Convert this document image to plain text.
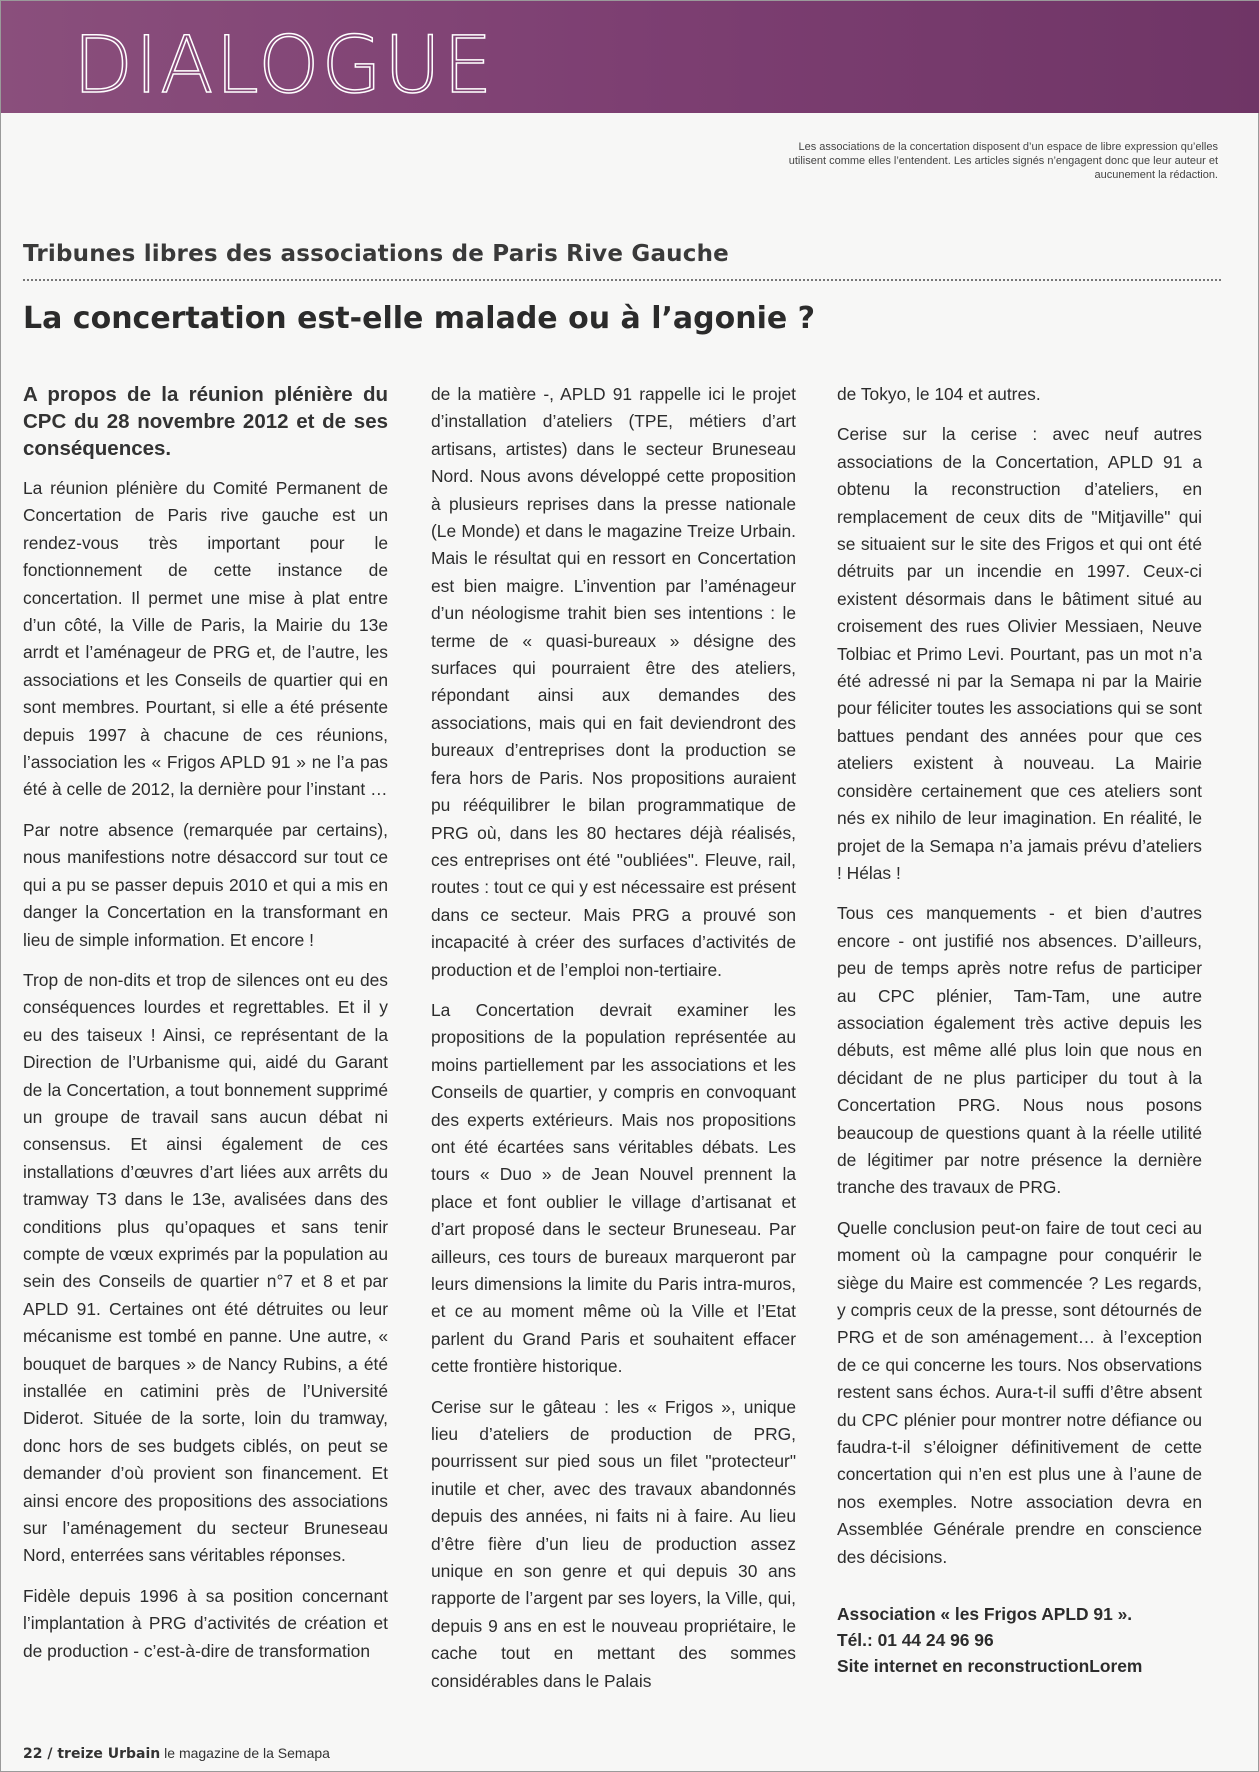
DIALOGUE
Les associations de la concertation disposent d’un espace de libre expression qu’elles utilisent comme elles l’entendent. Les articles signés n’engagent donc que leur auteur et aucunement la rédaction.
Tribunes libres des associations de Paris Rive Gauche
La concertation est-elle malade ou à l’agonie ?

A propos de la réunion plénière du CPC du 28 novembre 2012 et de ses conséquences.

La réunion plénière du Comité Permanent de Concertation de Paris rive gauche est un rendez-vous très important pour le fonctionnement de cette instance de concertation. Il permet une mise à plat entre d’un côté, la Ville de Paris, la Mairie du 13e arrdt et l’aménageur de PRG et, de l’autre, les associations et les Conseils de quartier qui en sont membres. Pourtant, si elle a été présente depuis 1997 à chacune de ces réunions, l’association les « Frigos APLD 91 » ne l’a pas été à celle de 2012, la dernière pour l’instant …

Par notre absence (remarquée par certains), nous manifestions notre désaccord sur tout ce qui a pu se passer depuis 2010 et qui a mis en danger la Concertation en la transformant en lieu de simple information. Et encore !

Trop de non-dits et trop de silences ont eu des conséquences lourdes et regrettables. Et il y eu des taiseux ! Ainsi, ce représentant de la Direction de l’Urbanisme qui, aidé du Garant de la Concertation, a tout bonnement supprimé un groupe de travail sans aucun débat ni consensus. Et ainsi également de ces installations d’œuvres d’art liées aux arrêts du tramway T3 dans le 13e, avalisées dans des conditions plus qu’opaques et sans tenir compte de vœux exprimés par la population au sein des Conseils de quartier n°7 et 8 et par APLD 91. Certaines ont été détruites ou leur mécanisme est tombé en panne. Une autre, « bouquet de barques » de Nancy Rubins, a été installée en catimini près de l’Université Diderot. Située de la sorte, loin du tramway, donc hors de ses budgets ciblés, on peut se demander d’où provient son financement. Et ainsi encore des propositions des associations sur l’aménagement du secteur Bruneseau Nord, enterrées sans véritables réponses.

Fidèle depuis 1996 à sa position concernant l’implantation à PRG d’activités de création et de production - c’est-à-dire de transformation

de la matière -, APLD 91 rappelle ici le projet d’installation d’ateliers (TPE, métiers d’art artisans, artistes) dans le secteur Bruneseau Nord. Nous avons développé cette proposition à plusieurs reprises dans la presse nationale (Le Monde) et dans le magazine Treize Urbain. Mais le résultat qui en ressort en Concertation est bien maigre. L’invention par l’aménageur d’un néologisme trahit bien ses intentions : le terme de « quasi-bureaux » désigne des surfaces qui pourraient être des ateliers, répondant ainsi aux demandes des associations, mais qui en fait deviendront des bureaux d’entreprises dont la production se fera hors de Paris. Nos propositions auraient pu rééquilibrer le bilan programmatique de PRG où, dans les 80 hectares déjà réalisés, ces entreprises ont été "oubliées". Fleuve, rail, routes : tout ce qui y est nécessaire est présent dans ce secteur. Mais PRG a prouvé son incapacité à créer des surfaces d’activités de production et de l’emploi non-tertiaire.

La Concertation devrait examiner les propositions de la population représentée au moins partiellement par les associations et les Conseils de quartier, y compris en convoquant des experts extérieurs. Mais nos propositions ont été écartées sans véritables débats. Les tours « Duo » de Jean Nouvel prennent la place et font oublier le village d’artisanat et d’art proposé dans le secteur Bruneseau. Par ailleurs, ces tours de bureaux marqueront par leurs dimensions la limite du Paris intra-muros, et ce au moment même où la Ville et l’Etat parlent du Grand Paris et souhaitent effacer cette frontière historique.

Cerise sur le gâteau : les « Frigos », unique lieu d’ateliers de production de PRG, pourrissent sur pied sous un filet "protecteur" inutile et cher, avec des travaux abandonnés depuis des années, ni faits ni à faire. Au lieu d’être fière d’un lieu de production assez unique en son genre et qui depuis 30 ans rapporte de l’argent par ses loyers, la Ville, qui, depuis 9 ans en est le nouveau propriétaire, le cache tout en mettant des sommes considérables dans le Palais

de Tokyo, le 104 et autres.

Cerise sur la cerise : avec neuf autres associations de la Concertation, APLD 91 a obtenu la reconstruction d’ateliers, en remplacement de ceux dits de "Mitjaville" qui se situaient sur le site des Frigos et qui ont été détruits par un incendie en 1997. Ceux-ci existent désormais dans le bâtiment situé au croisement des rues Olivier Messiaen, Neuve Tolbiac et Primo Levi. Pourtant, pas un mot n’a été adressé ni par la Semapa ni par la Mairie pour féliciter toutes les associations qui se sont battues pendant des années pour que ces ateliers existent à nouveau. La Mairie considère certainement que ces ateliers sont nés ex nihilo de leur imagination. En réalité, le projet de la Semapa n’a jamais prévu d’ateliers ! Hélas !

Tous ces manquements - et bien d’autres encore - ont justifié nos absences. D’ailleurs, peu de temps après notre refus de participer au CPC plénier, Tam-Tam, une autre association également très active depuis les débuts, est même allé plus loin que nous en décidant de ne plus participer du tout à la Concertation PRG. Nous nous posons beaucoup de questions quant à la réelle utilité de légitimer par notre présence la dernière tranche des travaux de PRG.

Quelle conclusion peut-on faire de tout ceci au moment où la campagne pour conquérir le siège du Maire est commencée ? Les regards, y compris ceux de la presse, sont détournés de PRG et de son aménagement… à l’exception de ce qui concerne les tours. Nos observations restent sans échos. Aura-t-il suffi d’être absent du CPC plénier pour montrer notre défiance ou faudra-t-il s’éloigner définitivement de cette concertation qui n’en est plus une à l’aune de nos exemples. Notre association devra en Assemblée Générale prendre en conscience des décisions.

Association « les Frigos APLD 91 ».
Tél.: 01 44 24 96 96
Site internet en reconstructionLorem
22 / treize Urbain le magazine de la Semapa
